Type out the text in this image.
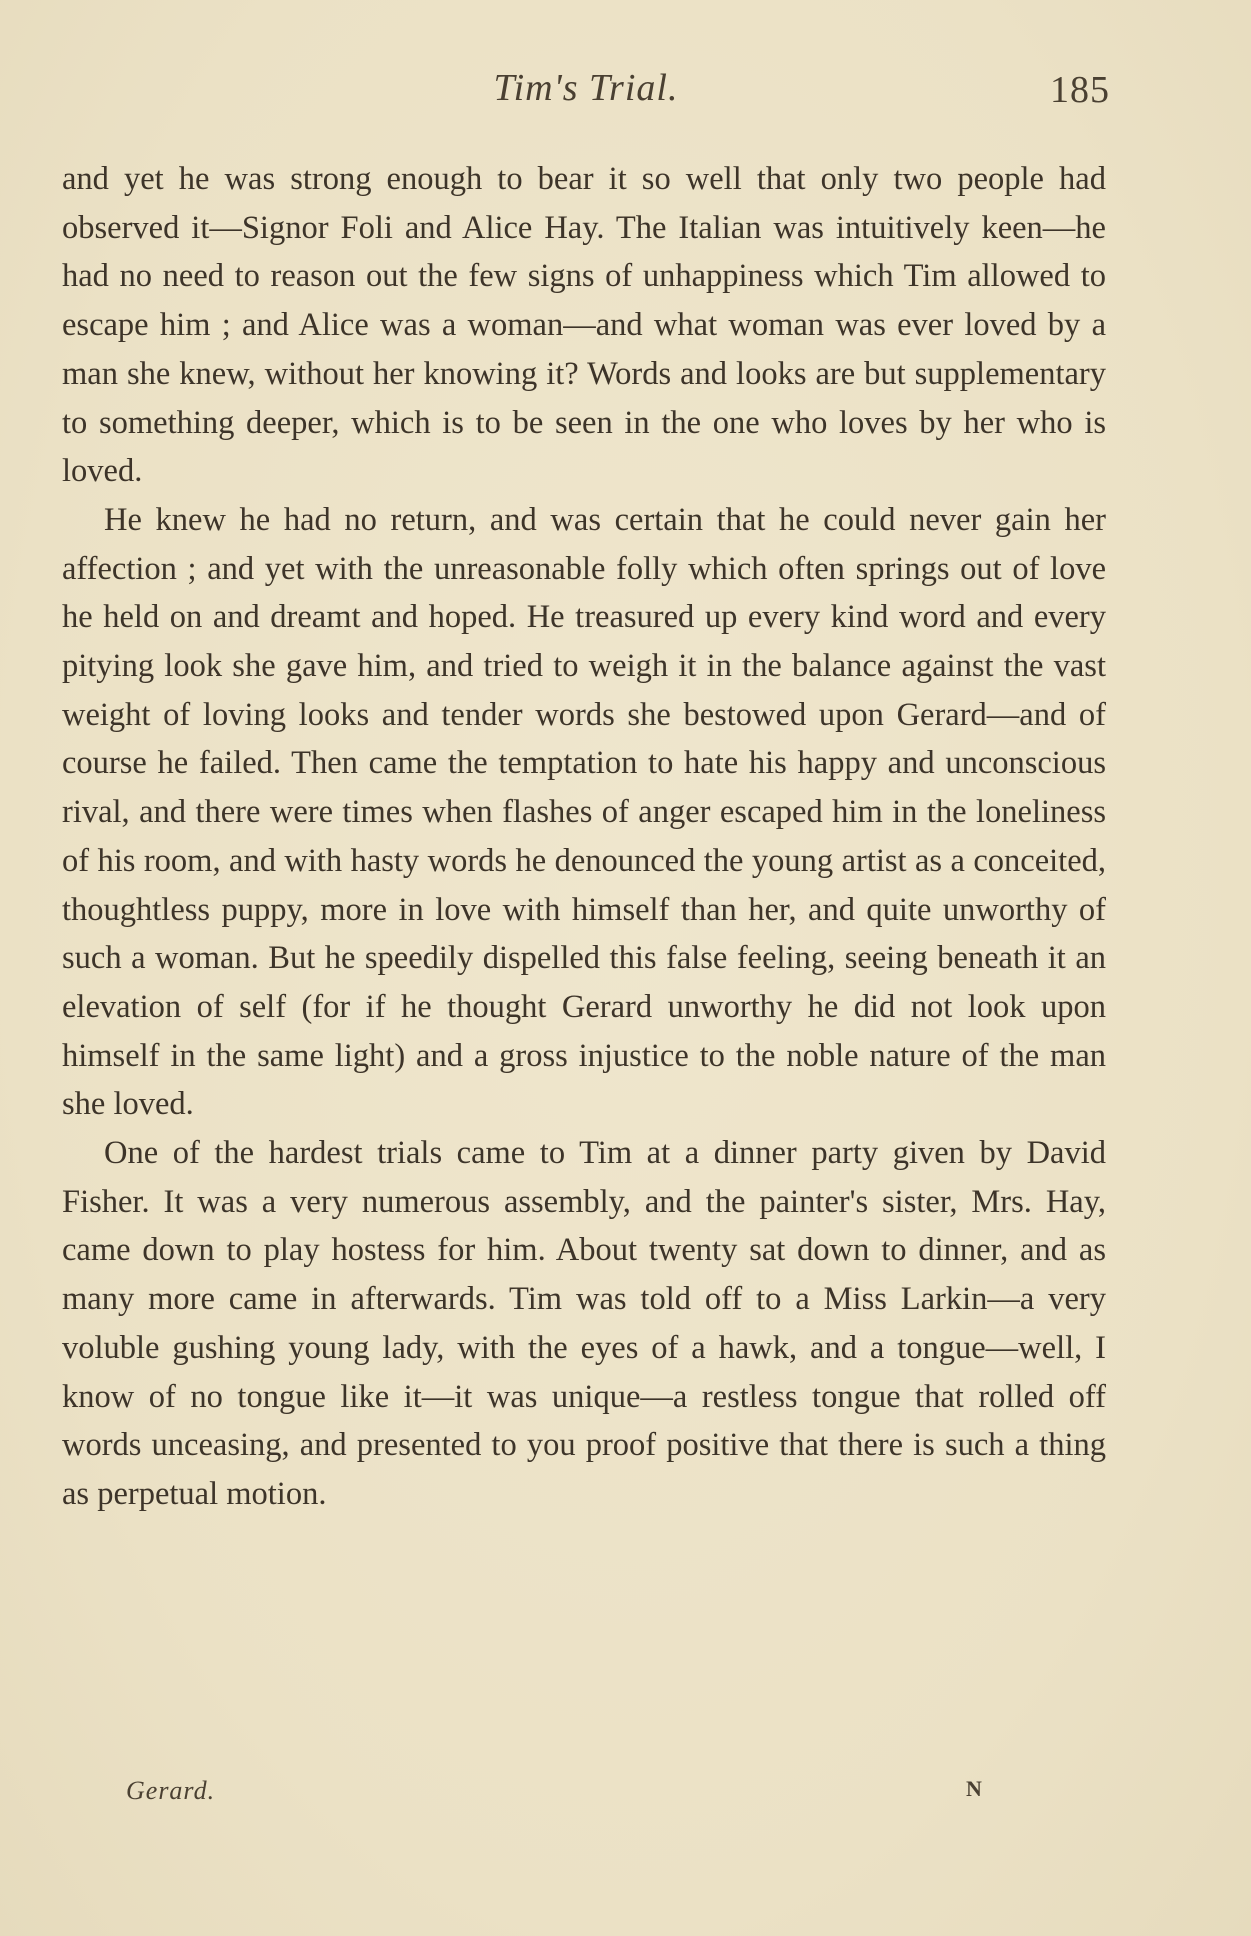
Tim's Trial.	185

and yet he was strong enough to bear it so well that only two people had observed it—Signor Foli and Alice Hay. The Italian was intuitively keen—he had no need to reason out the few signs of unhappiness which Tim allowed to escape him ; and Alice was a woman—and what woman was ever loved by a man she knew, without her knowing it? Words and looks are but supplementary to something deeper, which is to be seen in the one who loves by her who is loved.

He knew he had no return, and was certain that he could never gain her affection ; and yet with the unreasonable folly which often springs out of love he held on and dreamt and hoped. He treasured up every kind word and every pitying look she gave him, and tried to weigh it in the balance against the vast weight of loving looks and tender words she bestowed upon Gerard—and of course he failed. Then came the temptation to hate his happy and unconscious rival, and there were times when flashes of anger escaped him in the loneliness of his room, and with hasty words he denounced the young artist as a conceited, thoughtless puppy, more in love with himself than her, and quite unworthy of such a woman. But he speedily dispelled this false feeling, seeing beneath it an elevation of self (for if he thought Gerard unworthy he did not look upon himself in the same light) and a gross injustice to the noble nature of the man she loved.

One of the hardest trials came to Tim at a dinner party given by David Fisher. It was a very numerous assembly, and the painter's sister, Mrs. Hay, came down to play hostess for him. About twenty sat down to dinner, and as many more came in afterwards. Tim was told off to a Miss Larkin—a very voluble gushing young lady, with the eyes of a hawk, and a tongue—well, I know of no tongue like it—it was unique—a restless tongue that rolled off words unceasing, and presented to you proof positive that there is such a thing as perpetual motion.

Gerard.	N
